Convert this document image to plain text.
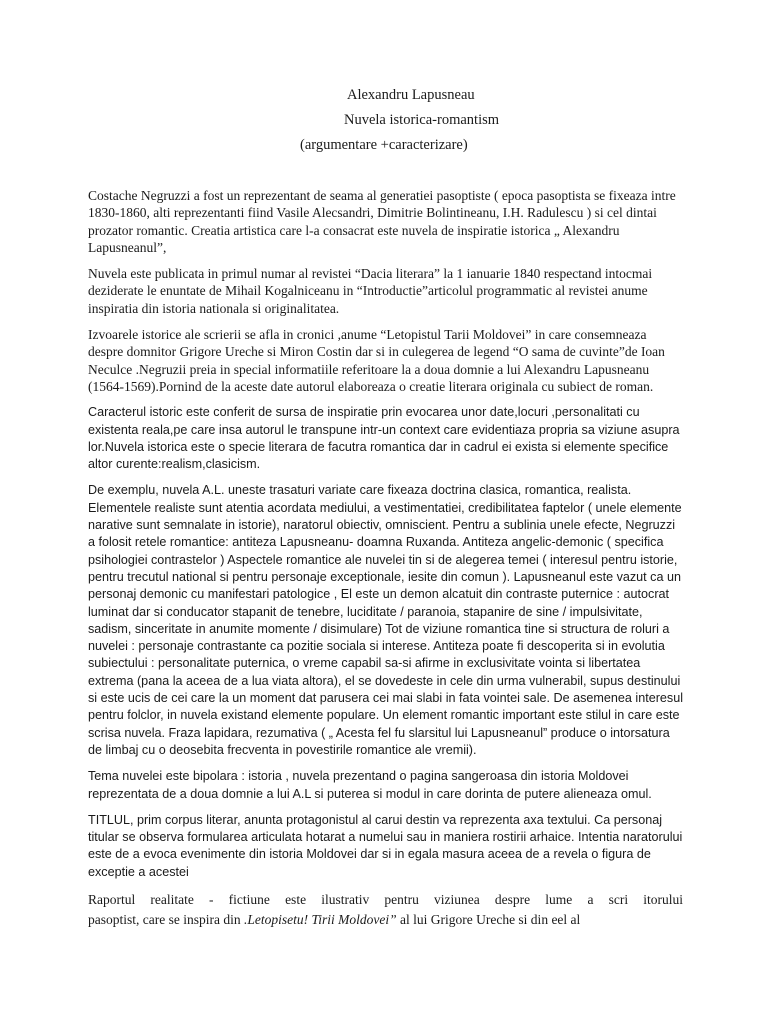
Alexandru Lapusneau
Nuvela istorica-romantism
(argumentare +caracterizare)

Costache Negruzzi a fost un reprezentant de seama al generatiei pasoptiste ( epoca pasoptista se fixeaza intre 1830-1860, alti reprezentanti fiind Vasile Alecsandri, Dimitrie Bolintineanu, I.H. Radulescu ) si cel dintai prozator romantic. Creatia artistica care l-a consacrat este nuvela de inspiratie istorica „ Alexandru Lapusneanul”,

Nuvela este publicata in primul numar al revistei “Dacia literara” la 1 ianuarie 1840 respectand intocmai deziderate le enuntate de Mihail Kogalniceanu in “Introductie”articolul programmatic al revistei anume inspiratia din istoria nationala si originalitatea.

Izvoarele istorice ale scrierii se afla in cronici ,anume “Letopistul Tarii Moldovei” in care consemneaza despre domnitor Grigore Ureche si Miron Costin dar si in culegerea de legend “O sama de cuvinte”de Ioan Neculce .Negruzii preia in special informatiile referitoare la a doua domnie a lui Alexandru Lapusneanu (1564-1569).Pornind de la aceste date autorul elaboreaza o creatie literara originala cu subiect de roman.

Caracterul istoric este conferit de sursa de inspiratie prin evocarea unor date,locuri ,personalitati cu existenta reala,pe care insa autorul le transpune intr-un context care evidentiaza propria sa viziune asupra lor.Nuvela istorica este o specie literara de facutra romantica dar in cadrul ei exista si elemente specifice altor curente:realism,clasicism.

De exemplu, nuvela A.L. uneste trasaturi variate care fixeaza doctrina clasica, romantica, realista. Elementele realiste sunt atentia acordata mediului, a vestimentatiei, credibilitatea faptelor ( unele elemente narative sunt semnalate in istorie), naratorul obiectiv, omniscient. Pentru a sublinia unele efecte, Negruzzi a folosit retele romantice: antiteza Lapusneanu- doamna Ruxanda. Antiteza angelic-demonic ( specifica psihologiei contrastelor ) Aspectele romantice ale nuvelei tin si de alegerea temei ( interesul pentru istorie, pentru trecutul national si pentru personaje exceptionale, iesite din comun ). Lapusneanul este vazut ca un personaj demonic cu manifestari patologice , El este un demon alcatuit din contraste puternice : autocrat luminat dar si conducator stapanit de tenebre, luciditate / paranoia, stapanire de sine / impulsivitate, sadism, sinceritate in anumite momente / disimulare) Tot de viziune romantica tine si structura de roluri a nuvelei : personaje contrastante ca pozitie sociala si interese. Antiteza poate fi descoperita si in evolutia subiectului : personalitate puternica, o vreme capabil sa-si afirme in exclusivitate vointa si libertatea extrema (pana la aceea de a lua viata altora), el se dovedeste in cele din urma vulnerabil, supus destinului si este ucis de cei care la un moment dat parusera cei mai slabi in fata vointei sale. De asemenea interesul pentru folclor, in nuvela existand elemente populare. Un element romantic important este stilul in care este scrisa nuvela. Fraza lapidara, rezumativa ( „ Acesta fel fu slarsitul lui Lapusneanul” produce o intorsatura de limbaj cu o deosebita frecventa in povestirile romantice ale vremii).

Tema nuvelei este bipolara : istoria , nuvela prezentand o pagina sangeroasa din istoria Moldovei reprezentata de a doua domnie a lui A.L si puterea si modul in care dorinta de putere alieneaza omul.

TITLUL, prim corpus literar, anunta protagonistul al carui destin va reprezenta axa textului. Ca personaj titular se observa formularea articulata hotarat a numelui sau in maniera rostirii arhaice. Intentia naratorului este de a evoca evenimente din istoria Moldovei dar si in egala masura aceea de a revela o figura de exceptie a acestei

Raportul realitate - fictiune este ilustrativ pentru viziunea despre lume a scri itorului
pasoptist, care se inspira din .Letopisetu! Tirii Moldovei” al lui Grigore Ureche si din eel al
